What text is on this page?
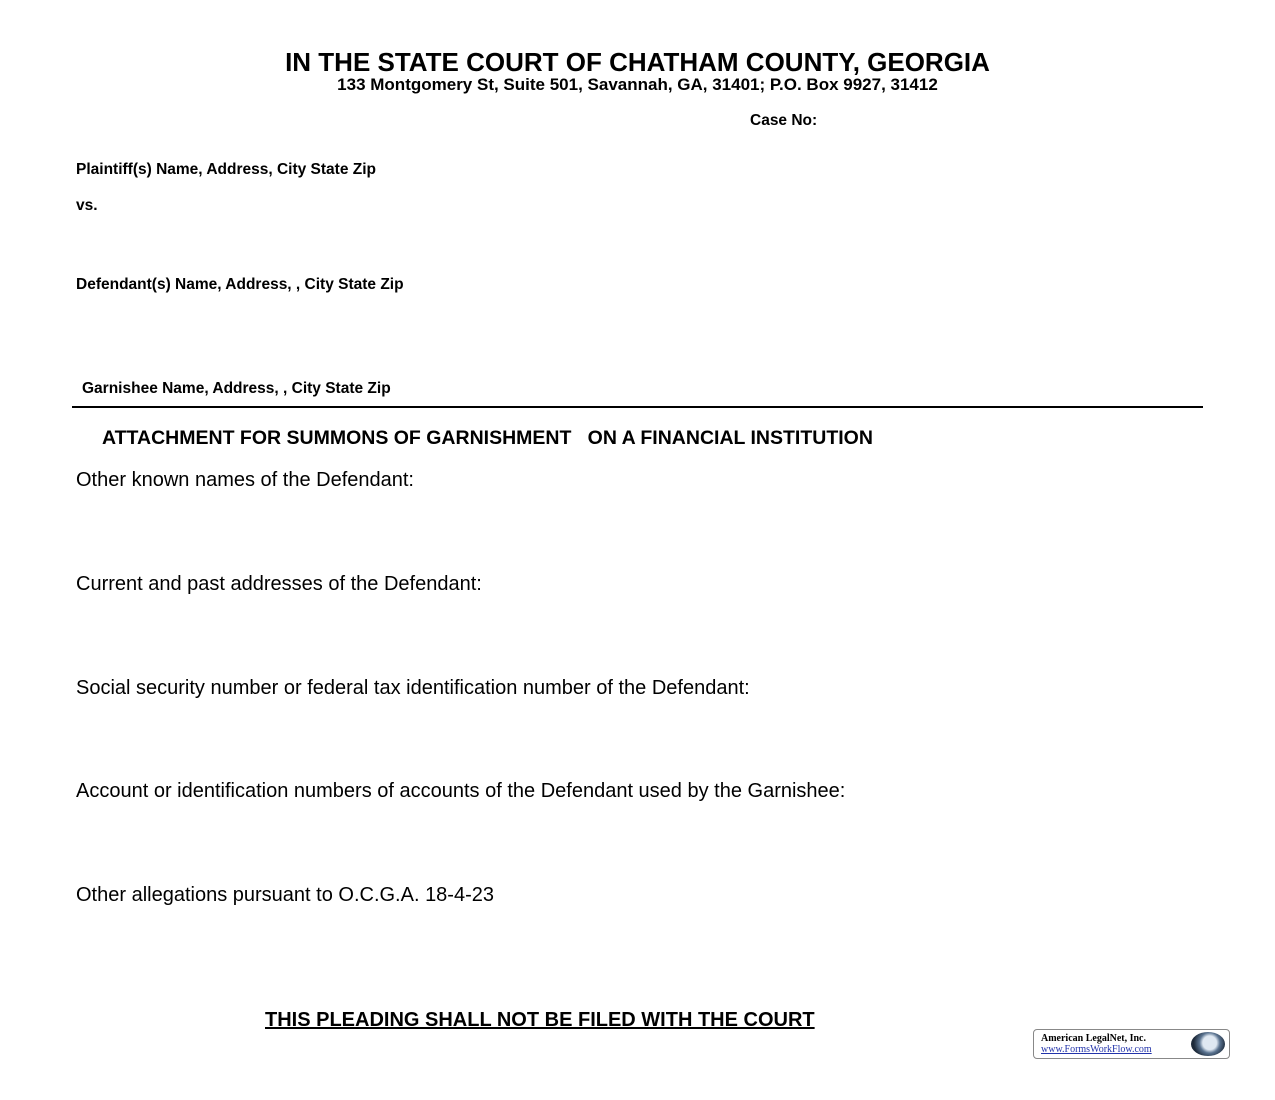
IN THE STATE COURT OF CHATHAM COUNTY, GEORGIA
133 Montgomery St, Suite 501, Savannah, GA, 31401; P.O. Box 9927, 31412
Case No:
Plaintiff(s) Name, Address, City State Zip
vs.
Defendant(s) Name, Address, , City State Zip
Garnishee Name, Address, , City State Zip
ATTACHMENT FOR SUMMONS OF GARNISHMENT   ON A FINANCIAL INSTITUTION
Other known names of the Defendant:
Current and past addresses of the Defendant:
Social security number or federal tax identification number of the Defendant:
Account or identification numbers of accounts of the Defendant used by the Garnishee:
Other allegations pursuant to O.C.G.A. 18-4-23
THIS PLEADING SHALL NOT BE FILED WITH THE COURT
American LegalNet, Inc.
www.FormsWorkFlow.com
